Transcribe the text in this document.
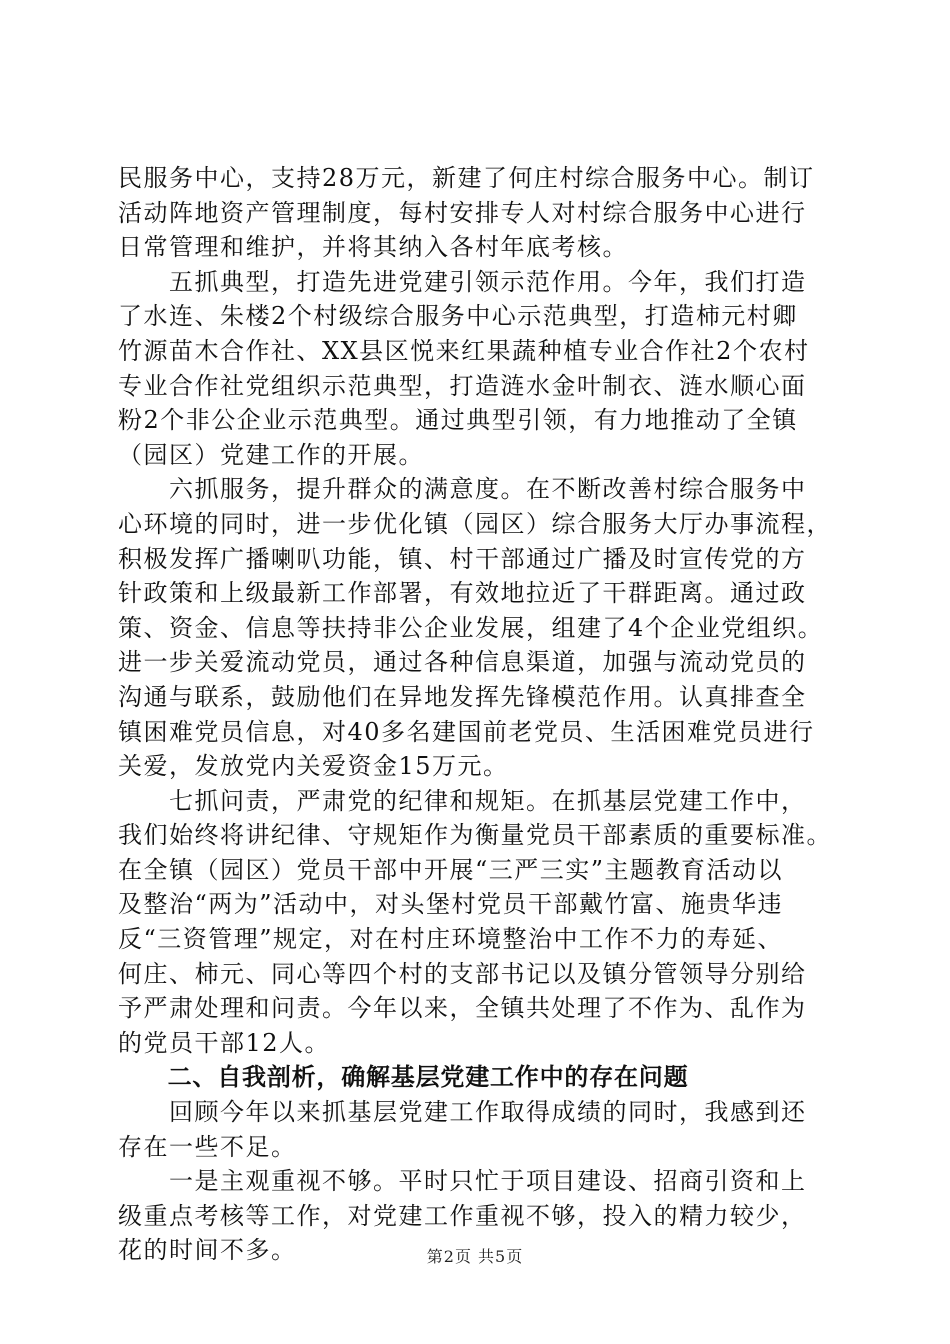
民服务中心，支持28万元，新建了何庄村综合服务中心。制订
活动阵地资产管理制度，每村安排专人对村综合服务中心进行
日常管理和维护，并将其纳入各村年底考核。
　　五抓典型，打造先进党建引领示范作用。今年，我们打造
了水连、朱楼2个村级综合服务中心示范典型，打造柿元村卿
竹源苗木合作社、XX县区悦来红果蔬种植专业合作社2个农村
专业合作社党组织示范典型，打造涟水金叶制衣、涟水顺心面
粉2个非公企业示范典型。通过典型引领，有力地推动了全镇
（园区）党建工作的开展。
　　六抓服务，提升群众的满意度。在不断改善村综合服务中
心环境的同时，进一步优化镇（园区）综合服务大厅办事流程，
积极发挥广播喇叭功能，镇、村干部通过广播及时宣传党的方
针政策和上级最新工作部署，有效地拉近了干群距离。通过政
策、资金、信息等扶持非公企业发展，组建了4个企业党组织。
进一步关爱流动党员，通过各种信息渠道，加强与流动党员的
沟通与联系，鼓励他们在异地发挥先锋模范作用。认真排查全
镇困难党员信息，对40多名建国前老党员、生活困难党员进行
关爱，发放党内关爱资金15万元。
　　七抓问责，严肃党的纪律和规矩。在抓基层党建工作中，
我们始终将讲纪律、守规矩作为衡量党员干部素质的重要标准。
在全镇（园区）党员干部中开展“三严三实”主题教育活动以
及整治“两为”活动中，对头堡村党员干部戴竹富、施贵华违
反“三资管理”规定，对在村庄环境整治中工作不力的寿延、
何庄、柿元、同心等四个村的支部书记以及镇分管领导分别给
予严肃处理和问责。今年以来，全镇共处理了不作为、乱作为
的党员干部12人。
　　二、自我剖析，确解基层党建工作中的存在问题
　　回顾今年以来抓基层党建工作取得成绩的同时，我感到还
存在一些不足。
　　一是主观重视不够。平时只忙于项目建设、招商引资和上
级重点考核等工作，对党建工作重视不够，投入的精力较少，
花的时间不多。	第2页 共5页
